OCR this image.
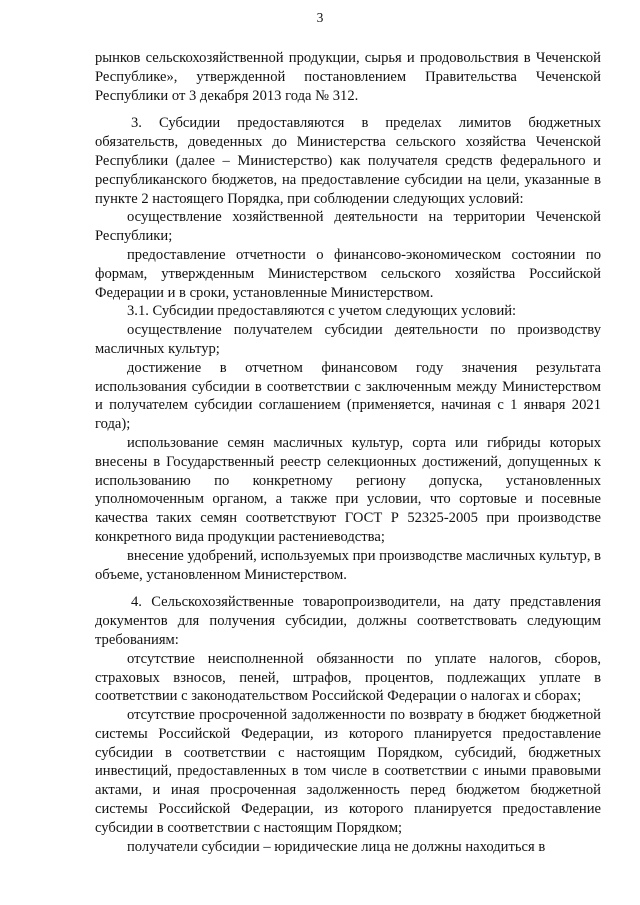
3

рынков сельскохозяйственной продукции, сырья и продовольствия в Чеченской Республике», утвержденной постановлением Правительства Чеченской Республики от 3 декабря 2013 года № 312.

3. Субсидии предоставляются в пределах лимитов бюджетных обязательств, доведенных до Министерства сельского хозяйства Чеченской Республики (далее – Министерство) как получателя средств федерального и республиканского бюджетов, на предоставление субсидии на цели, указанные в пункте 2 настоящего Порядка, при соблюдении следующих условий:

осуществление хозяйственной деятельности на территории Чеченской Республики;

предоставление отчетности о финансово-экономическом состоянии по формам, утвержденным Министерством сельского хозяйства Российской Федерации и в сроки, установленные Министерством.

3.1. Субсидии предоставляются с учетом следующих условий:

осуществление получателем субсидии деятельности по производству масличных культур;

достижение в отчетном финансовом году значения результата использования субсидии в соответствии с заключенным между Министерством и получателем субсидии соглашением (применяется, начиная с 1 января 2021 года);

использование семян масличных культур, сорта или гибриды которых внесены в Государственный реестр селекционных достижений, допущенных к использованию по конкретному региону допуска, установленных уполномоченным органом, а также при условии, что сортовые и посевные качества таких семян соответствуют ГОСТ Р 52325-2005 при производстве конкретного вида продукции растениеводства;

внесение удобрений, используемых при производстве масличных культур, в объеме, установленном Министерством.

4. Сельскохозяйственные товаропроизводители, на дату представления документов для получения субсидии, должны соответствовать следующим требованиям:

отсутствие неисполненной обязанности по уплате налогов, сборов, страховых взносов, пеней, штрафов, процентов, подлежащих уплате в соответствии с законодательством Российской Федерации о налогах и сборах;

отсутствие просроченной задолженности по возврату в бюджет бюджетной системы Российской Федерации, из которого планируется предоставление субсидии в соответствии с настоящим Порядком, субсидий, бюджетных инвестиций, предоставленных в том числе в соответствии с иными правовыми актами, и иная просроченная задолженность перед бюджетом бюджетной системы Российской Федерации, из которого планируется предоставление субсидии в соответствии с настоящим Порядком;

получатели субсидии – юридические лица не должны находиться в
